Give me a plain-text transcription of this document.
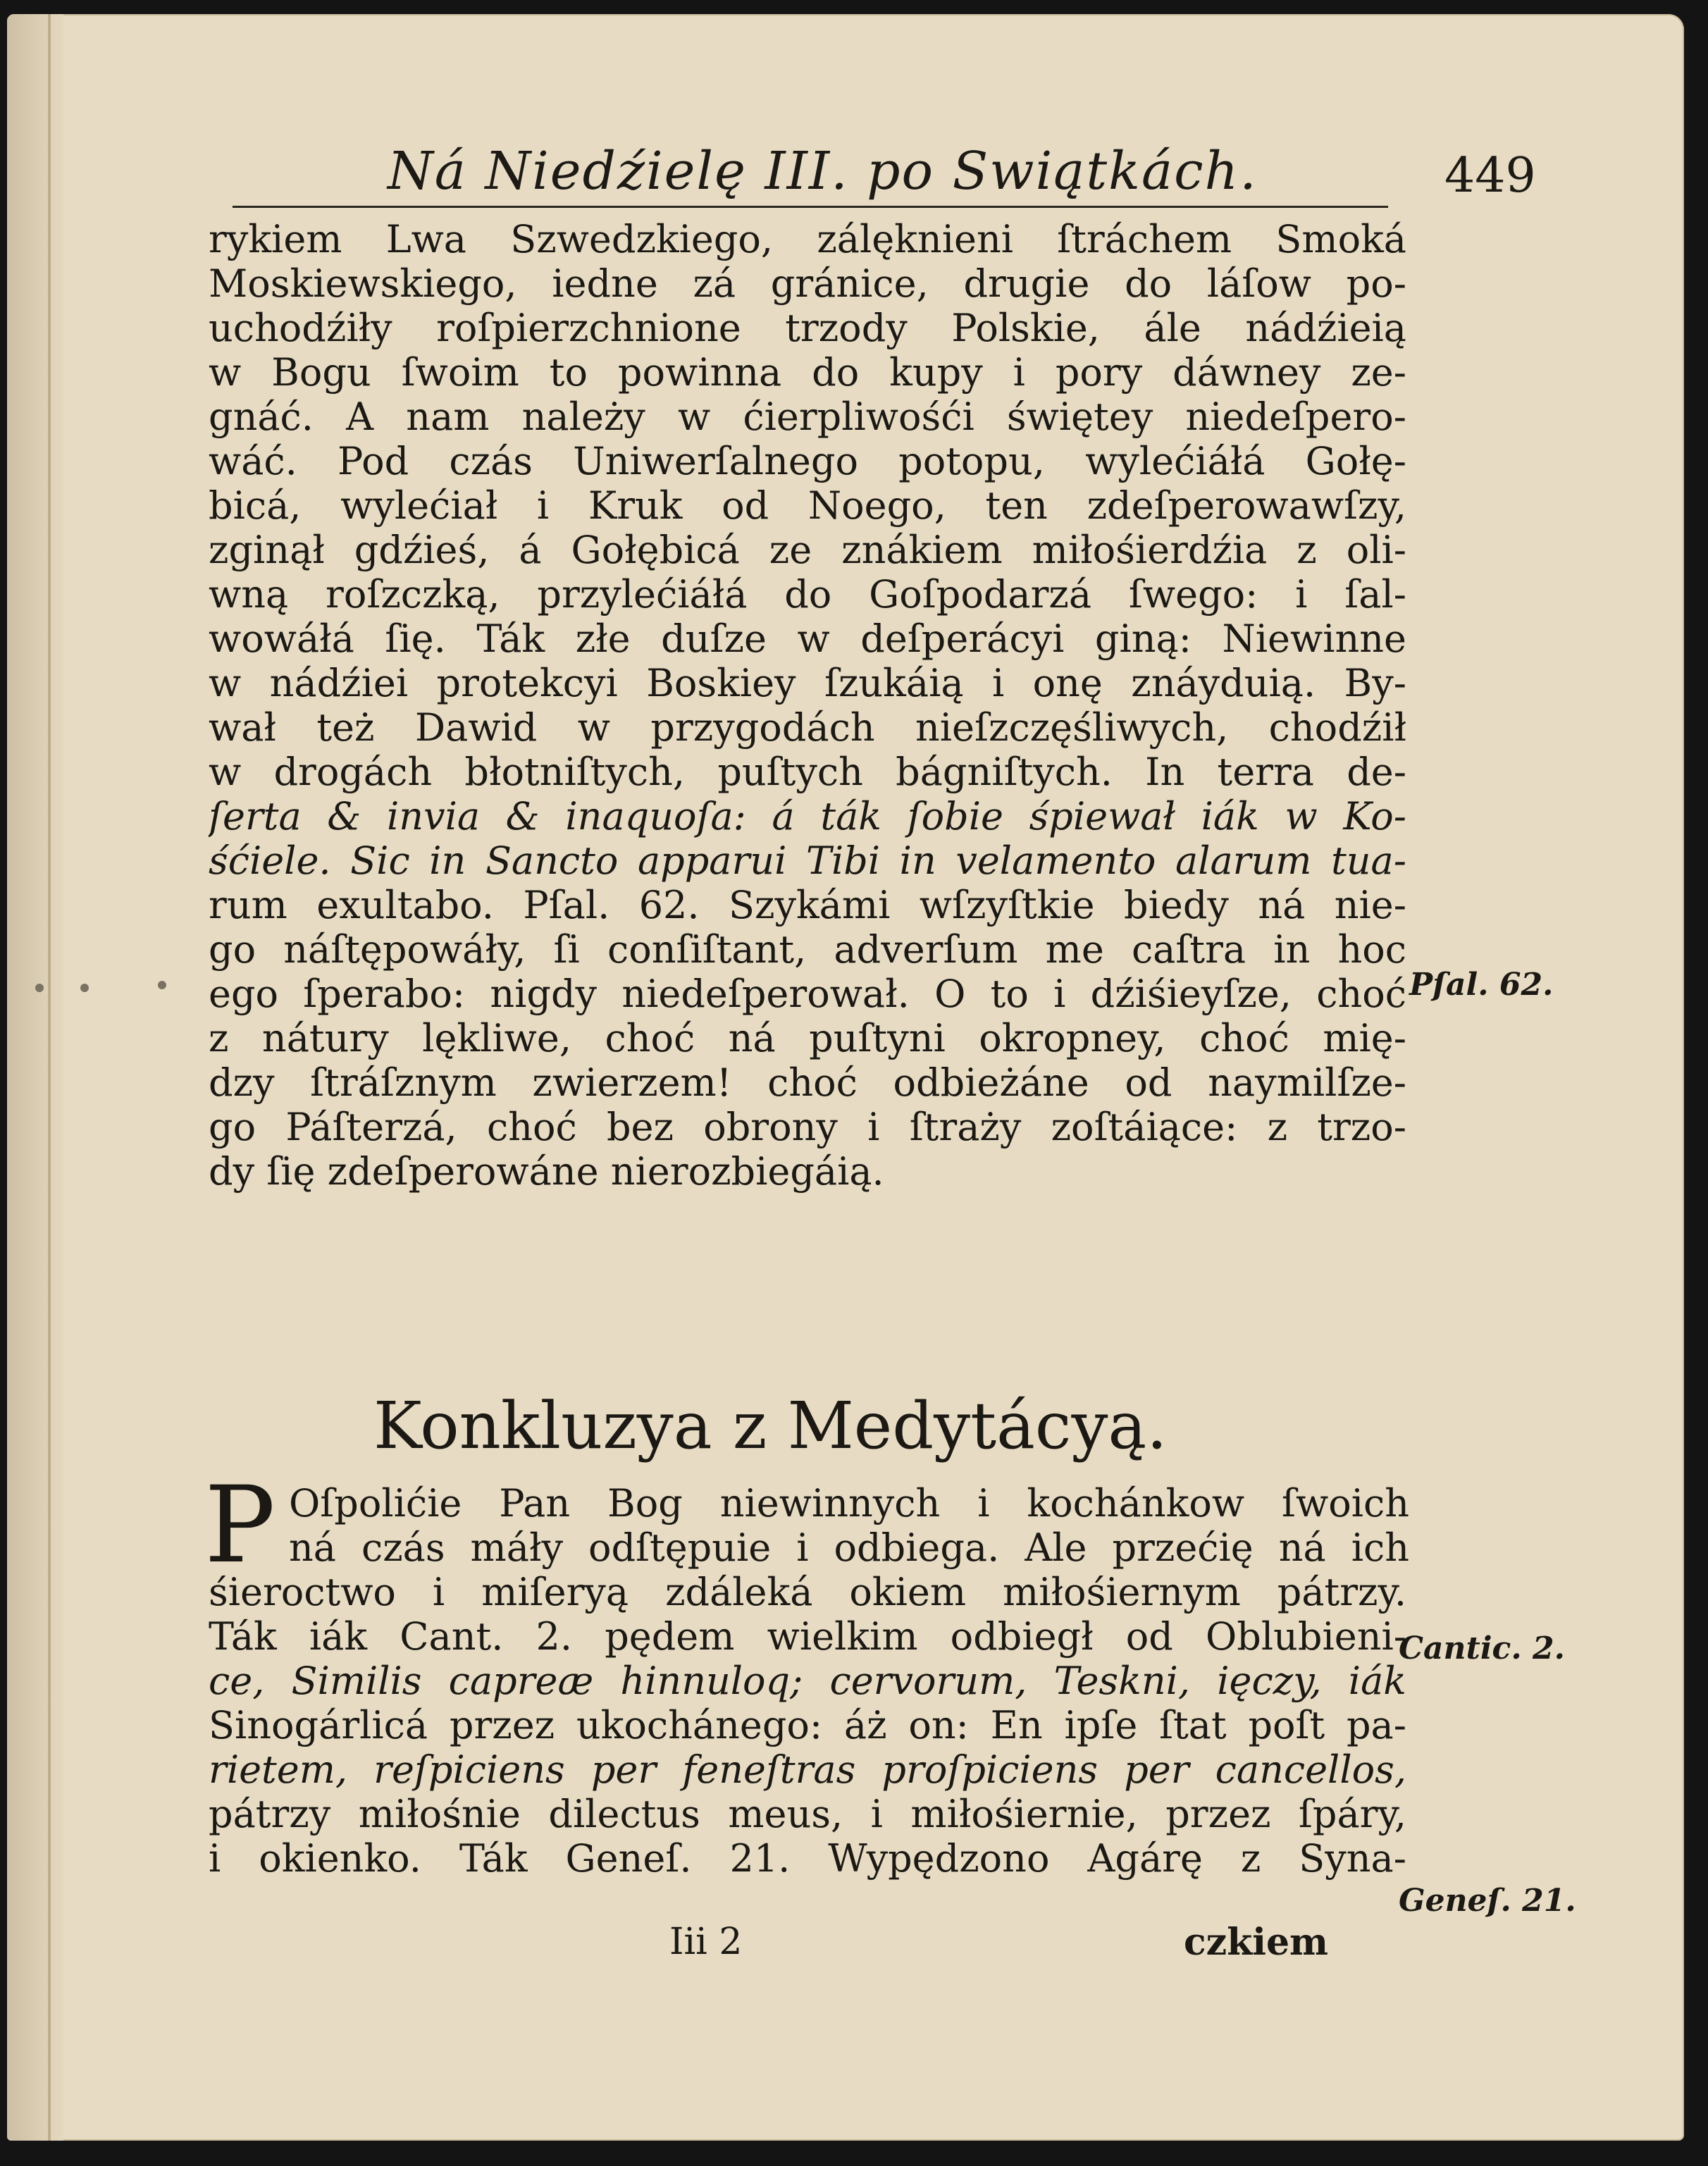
Ná Niedźielę III. po Swiątkách.	449
rykiem Lwa Szwedzkiego, zálęknieni ſtráchem Smoká
Moskiewskiego, iedne zá gránice, drugie do láſow po-
uchodźiły roſpierzchnione trzody Polskie, ále nádźieią
w Bogu ſwoim to powinna do kupy i pory dáwney ze-
gnáć. A nam należy w ćierpliwośći świętey niedeſpero-
wáć. Pod czás Uniwerſalnego potopu, wylećiáłá Gołę-
bicá, wylećiał i Kruk od Noego, ten zdeſperowawſzy,
zginął gdźieś, á Gołębicá ze znákiem miłośierdźia z oli-
wną roſzczką, przylećiáłá do Goſpodarzá ſwego: i ſal-
wowáłá ſię. Ták złe duſze w deſperácyi giną: Niewinne
w nádźiei protekcyi Boskiey ſzukáią i onę znáyduią. By-
wał też Dawid w przygodách nieſzczęśliwych, chodźił
w drogách błotniſtych, puſtych bágniſtych. In terra de-
ſerta & invia & inaquoſa: á ták ſobie śpiewał iák w Ko-
śćiele. Sic in Sancto apparui Tibi in velamento alarum tua-
rum exultabo. Pſal. 62. Szykámi wſzyſtkie biedy ná nie-
go náſtępowáły, ſi conſiſtant, adverſum me caſtra in hoc
ego ſperabo: nigdy niedeſperował. O to i dźiśieyſze, choć
z nátury lękliwe, choć ná puſtyni okropney, choć mię-
dzy ſtráſznym zwierzem! choć odbieżáne od naymilſze-
go Páſterzá, choć bez obrony i ſtraży zoſtáiące: z trzo-
dy ſię zdeſperowáne nierozbiegáią.
Konkluzya z Medytácyą.
P Oſpolićie Pan Bog niewinnych i kochánkow ſwoich
ná czás máły odſtępuie i odbiega. Ale przećię ná ich
śieroctwo i miſeryą zdáleká okiem miłośiernym pátrzy.
Ták iák Cant. 2. pędem wielkim odbiegł od Oblubieni-
ce, Similis capreæ hinnuloq; cervorum, Teskni, ięczy, iák
Sinogárlicá przez ukochánego: áż on: En ipſe ſtat poſt pa-
rietem, reſpiciens per feneſtras proſpiciens per cancellos,
pátrzy miłośnie dilectus meus, i miłośiernie, przez ſpáry,
i okienko. Ták Geneſ. 21. Wypędzono Agárę z Syna-
Pſal. 62.
Cantic. 2.
Geneſ. 21.
Iii 2	czkiem
